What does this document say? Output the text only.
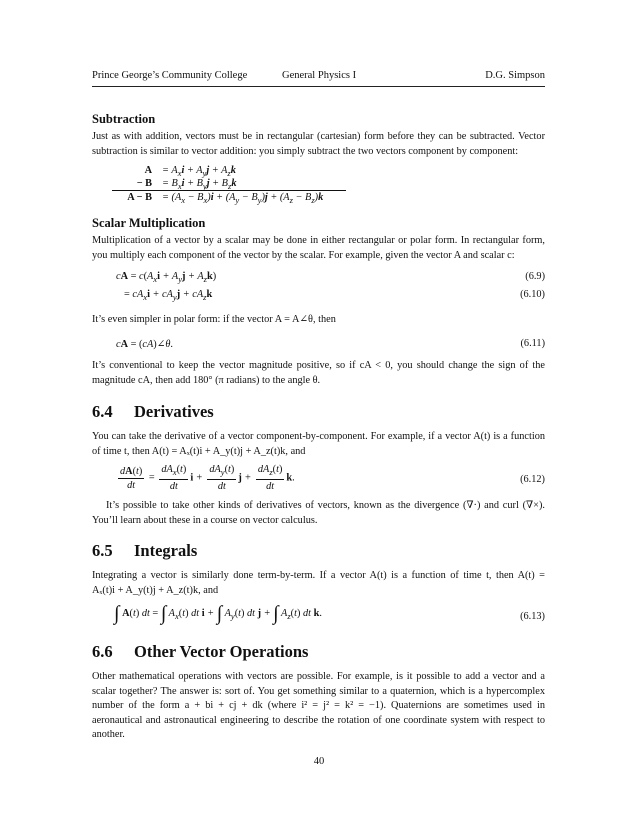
Prince George’s Community College	General Physics I	D.G. Simpson
Subtraction
Just as with addition, vectors must be in rectangular (cartesian) form before they can be subtracted. Vector
subtraction is similar to vector addition: you simply subtract the two vectors component by component:
$A = A_xi + A_yj + A_zk$
− $B = B_xi + B_yj + B_zk$
$A - B = (A_x - B_x)i + (A_y - B_y)j + (A_z - B_z)k$
Scalar Multiplication
Multiplication of a vector by a scalar may be done in either rectangular or polar form. In rectangular form,
you multiply each component of the vector by the scalar. For example, given the vector A and scalar c:
cA = $c(A_xi + A_yj + A_zk)$	(6.9)
= $cA_xi + cA_yj + cA_zk$	(6.10)
It’s even simpler in polar form: if the vector A = A∠θ, then
cA = (cA)∠θ.	(6.11)
It’s conventional to keep the vector magnitude positive, so if cA < 0, you should change the sign of the
magnitude cA, then add 180° (π radians) to the angle θ.
6.4 Derivatives
You can take the derivative of a vector component-by-component. For example, if a vector A(t) is a function
of time t, then A(t) = Aₓ(t)i + A_y(t)j + A_z(t)k, and
$\frac{dA(t)}{dt} = \frac{dA_x(t)}{dt}$ $i + \frac{dA_y(t)}{dt}$ $j + \frac{dA_z(t)}{dt} k$.	(6.12)
It’s possible to take other kinds of derivatives of vectors, known as the divergence (∇·) and curl (∇×).
You’ll learn about these in a course on vector calculus.
6.5 Integrals
Integrating a vector is similarly done term-by-term. If a vector A(t) is a function of time t, then A(t) =
Aₓ(t)i + A_y(t)j + A_z(t)k, and
∫ A(t) dt = ∫ $A_x(t)$ dt i + ∫ $A_y(t)$ dt j + ∫ $A_z(t)$ dt k.	(6.13)
6.6 Other Vector Operations
Other mathematical operations with vectors are possible. For example, is it possible to add a vector and a
scalar together? The answer is: sort of. You get something similar to a quaternion, which is a hypercomplex
number of the form a + bi + cj + dk (where i² = j² = k² = −1). Quaternions are sometimes used in
aeronautical and astronautical engineering to describe the rotation of one coordinate system with respect to
another.
40
